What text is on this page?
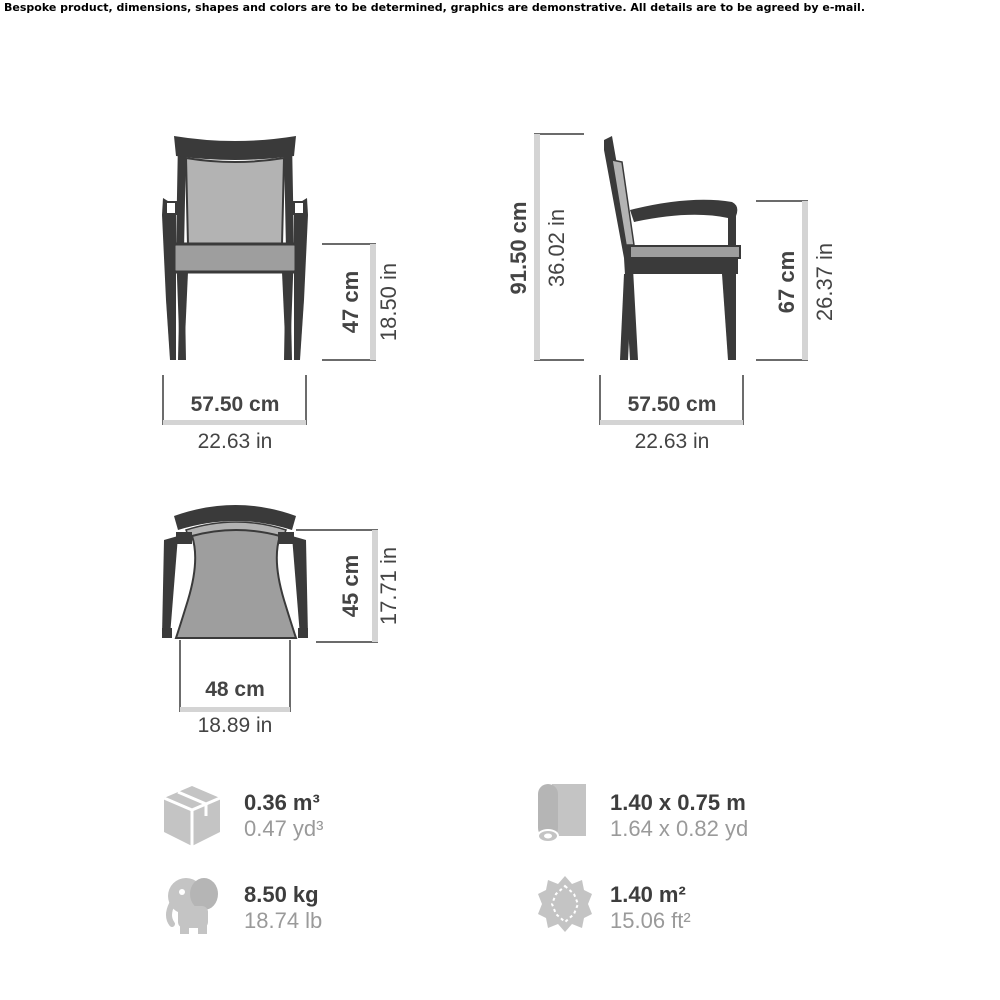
Bespoke product, dimensions, shapes and colors are to be determined, graphics are demonstrative. All details are to be agreed by e-mail.
47 cm 18.50 in
57.50 cm
22.63 in
91.50 cm 36.02 in	67 cm 26.37 in
57.50 cm
22.63 in
45 cm 17.71 in
48 cm
18.89 in
0.36 m³
0.47 yd³
1.40 x 0.75 m
1.64 x 0.82 yd
8.50 kg
18.74 lb
1.40 m²
15.06 ft²
